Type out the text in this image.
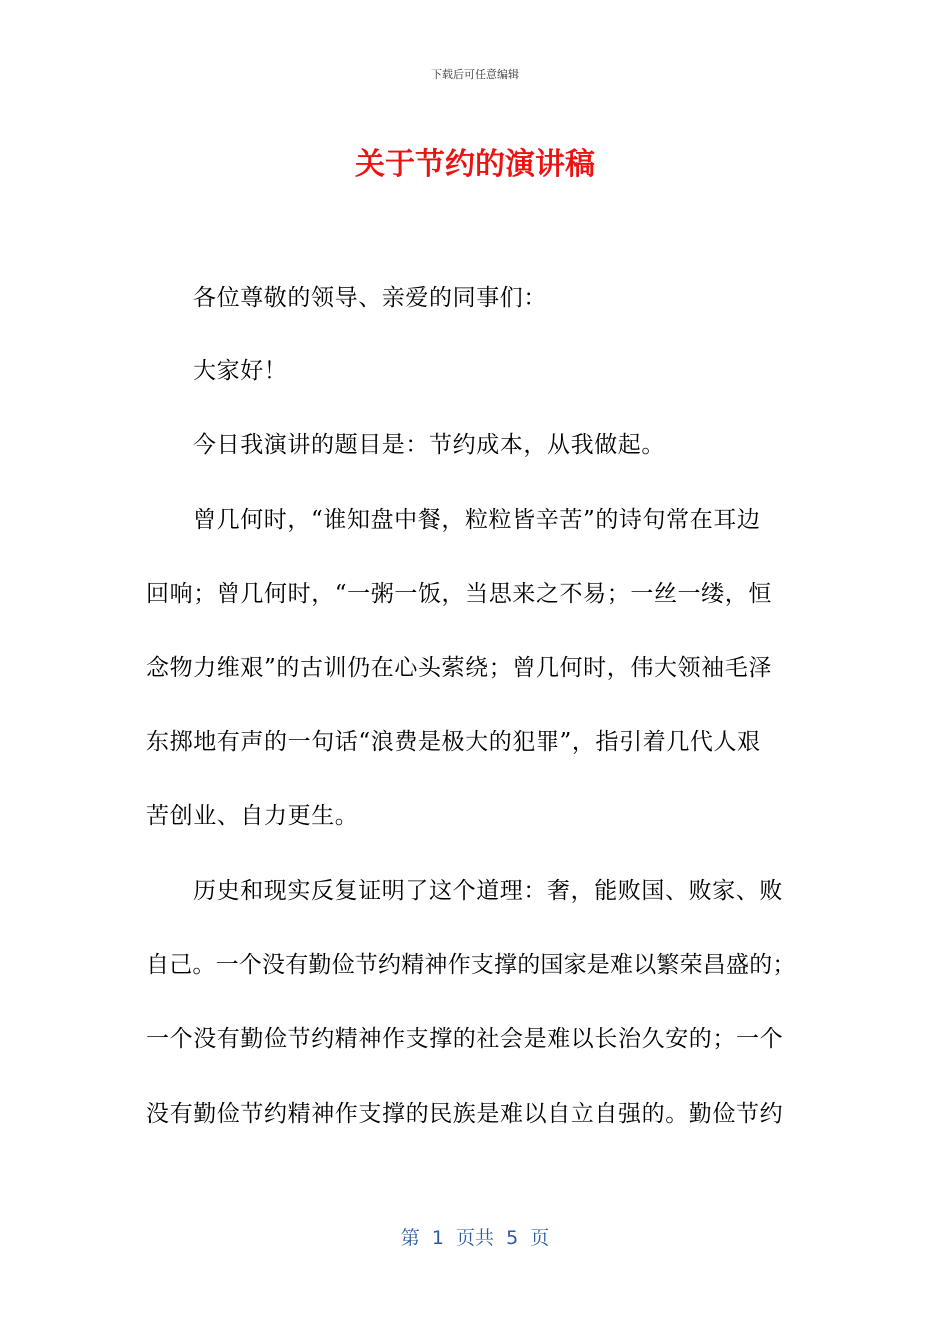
下载后可任意编辑
关于节约的演讲稿
各位尊敬的领导、亲爱的同事们：
大家好！
今日我演讲的题目是：节约成本，从我做起。
曾几何时，“谁知盘中餐，粒粒皆辛苦”的诗句常在耳边
回响；曾几何时，“一粥一饭，当思来之不易；一丝一缕，恒
念物力维艰”的古训仍在心头萦绕；曾几何时，伟大领袖毛泽
东掷地有声的一句话“浪费是极大的犯罪”，指引着几代人艰
苦创业、自力更生。
历史和现实反复证明了这个道理：奢，能败国、败家、败
自己。一个没有勤俭节约精神作支撑的国家是难以繁荣昌盛的；
一个没有勤俭节约精神作支撑的社会是难以长治久安的；一个
没有勤俭节约精神作支撑的民族是难以自立自强的。勤俭节约
第  1  页共  5  页
